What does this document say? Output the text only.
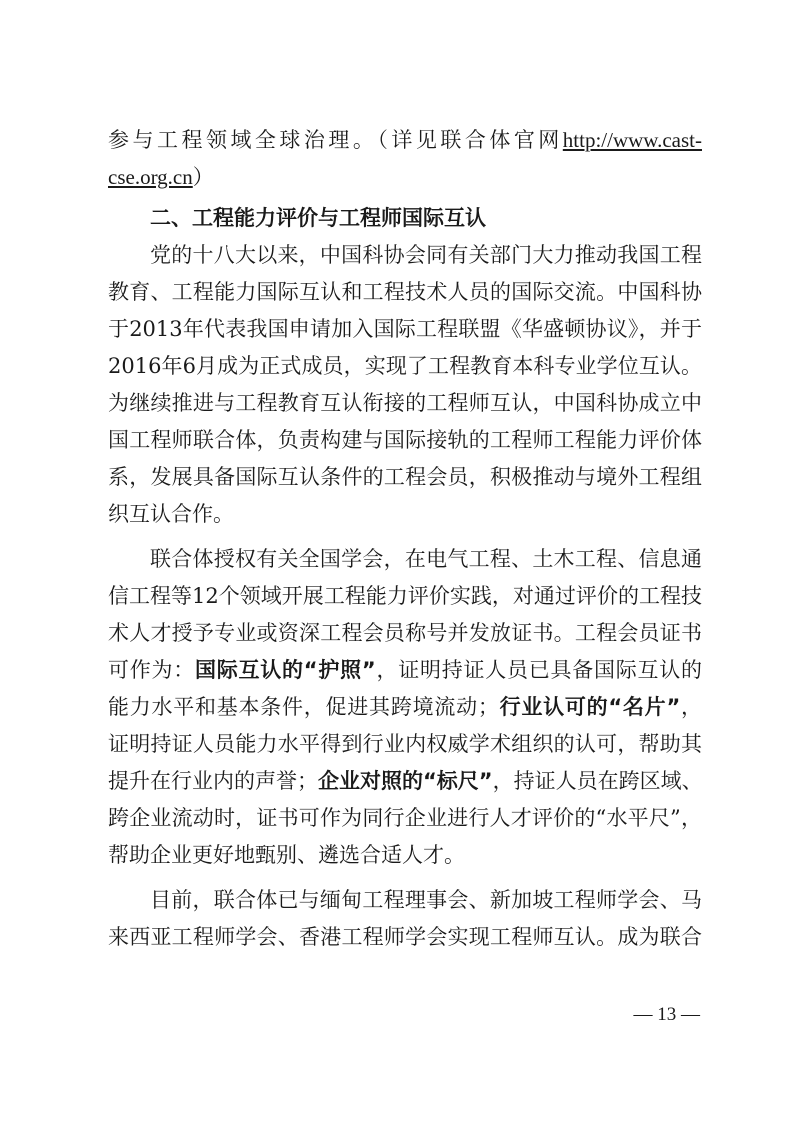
参与工程领域全球治理。（详见联合体官网http://www.cast-
cse.org.cn）
二、工程能力评价与工程师国际互认
党的十八大以来，中国科协会同有关部门大力推动我国工程
教育、工程能力国际互认和工程技术人员的国际交流。中国科协
于2013年代表我国申请加入国际工程联盟《华盛顿协议》，并于
2016年6月成为正式成员，实现了工程教育本科专业学位互认。
为继续推进与工程教育互认衔接的工程师互认，中国科协成立中
国工程师联合体，负责构建与国际接轨的工程师工程能力评价体
系，发展具备国际互认条件的工程会员，积极推动与境外工程组
织互认合作。
联合体授权有关全国学会，在电气工程、土木工程、信息通
信工程等12个领域开展工程能力评价实践，对通过评价的工程技
术人才授予专业或资深工程会员称号并发放证书。工程会员证书
可作为：国际互认的“护照”，证明持证人员已具备国际互认的
能力水平和基本条件，促进其跨境流动；行业认可的“名片”，
证明持证人员能力水平得到行业内权威学术组织的认可，帮助其
提升在行业内的声誉；企业对照的“标尺”，持证人员在跨区域、
跨企业流动时，证书可作为同行企业进行人才评价的“水平尺”，
帮助企业更好地甄别、遴选合适人才。
目前，联合体已与缅甸工程理事会、新加坡工程师学会、马
来西亚工程师学会、香港工程师学会实现工程师互认。成为联合
— 13 —
